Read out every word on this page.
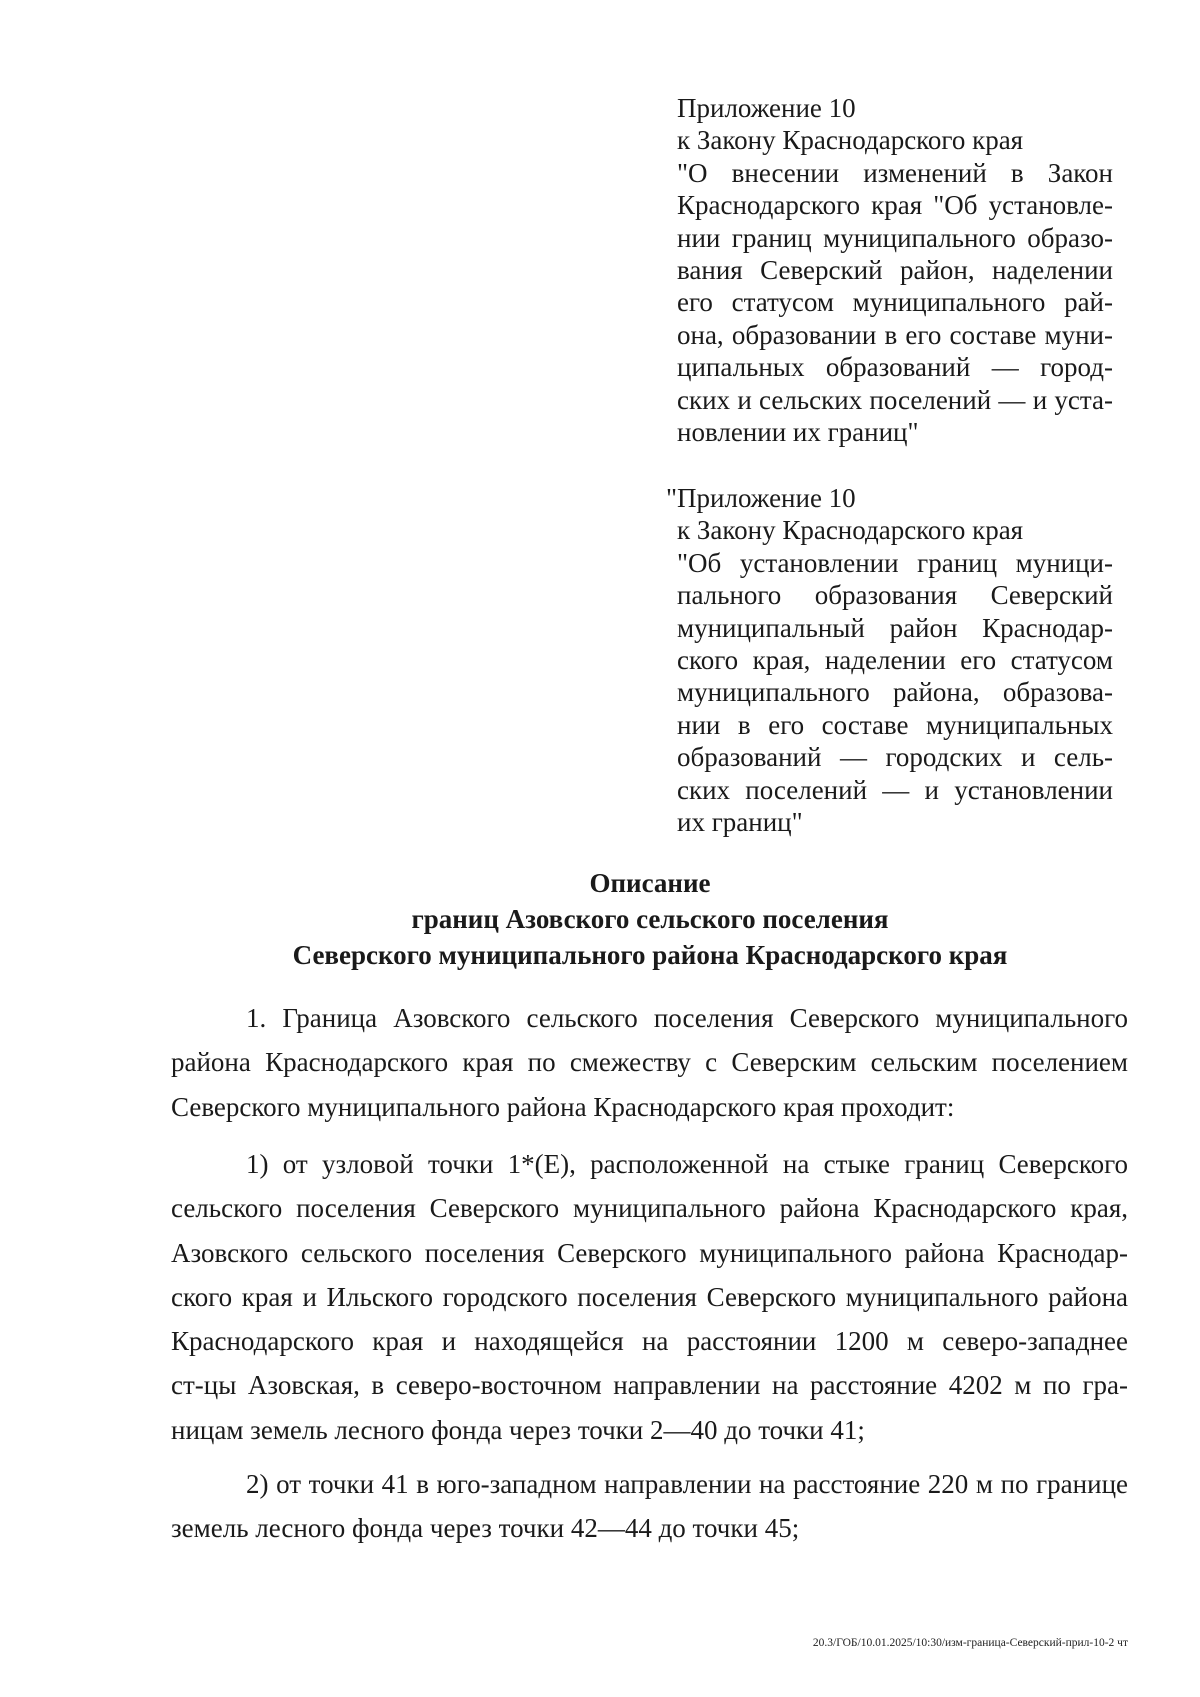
Приложение 10
к Закону Краснодарского края
"О внесении изменений в Закон
Краснодарского края "Об установле-
нии границ муниципального образо-
вания Северский район, наделении
его статусом муниципального рай-
она, образовании в его составе муни-
ципальных образований — город-
ских и сельских поселений — и уста-
новлении их границ"
"Приложение 10
к Закону Краснодарского края
"Об установлении границ муници-
пального образования Северский
муниципальный район Краснодар-
ского края, наделении его статусом
муниципального района, образова-
нии в его составе муниципальных
образований — городских и сель-
ских поселений — и установлении
их границ"
Описание
границ Азовского сельского поселения
Северского муниципального района Краснодарского края
1. Граница Азовского сельского поселения Северского муниципального
района Краснодарского края по смежеству с Северским сельским поселением
Северского муниципального района Краснодарского края проходит:
1) от узловой точки 1*(Е), расположенной на стыке границ Северского
сельского поселения Северского муниципального района Краснодарского края,
Азовского сельского поселения Северского муниципального района Краснодар-
ского края и Ильского городского поселения Северского муниципального района
Краснодарского края и находящейся на расстоянии 1200 м северо-западнее
ст-цы Азовская, в северо-восточном направлении на расстояние 4202 м по гра-
ницам земель лесного фонда через точки 2—40 до точки 41;
2) от точки 41 в юго-западном направлении на расстояние 220 м по границе
земель лесного фонда через точки 42—44 до точки 45;
20.3/ГОБ/10.01.2025/10:30/изм-граница-Северский-прил-10-2 чт
